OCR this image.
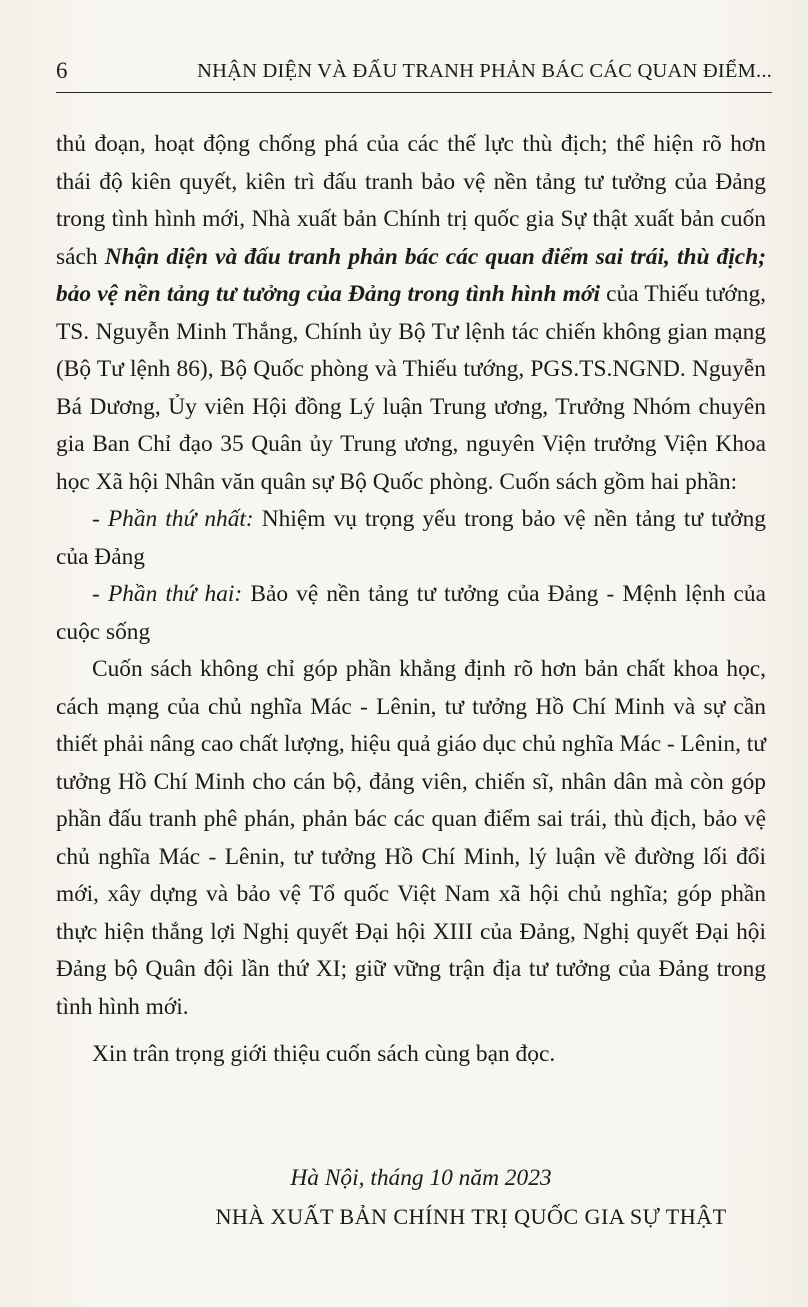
6	NHẬN DIỆN VÀ ĐẤU TRANH PHẢN BÁC CÁC QUAN ĐIỂM...

thủ đoạn, hoạt động chống phá của các thế lực thù địch; thể hiện rõ hơn thái độ kiên quyết, kiên trì đấu tranh bảo vệ nền tảng tư tưởng của Đảng trong tình hình mới, Nhà xuất bản Chính trị quốc gia Sự thật xuất bản cuốn sách Nhận diện và đấu tranh phản bác các quan điểm sai trái, thù địch; bảo vệ nền tảng tư tưởng của Đảng trong tình hình mới của Thiếu tướng, TS. Nguyễn Minh Thắng, Chính ủy Bộ Tư lệnh tác chiến không gian mạng (Bộ Tư lệnh 86), Bộ Quốc phòng và Thiếu tướng, PGS.TS.NGND. Nguyễn Bá Dương, Ủy viên Hội đồng Lý luận Trung ương, Trưởng Nhóm chuyên gia Ban Chỉ đạo 35 Quân ủy Trung ương, nguyên Viện trưởng Viện Khoa học Xã hội Nhân văn quân sự Bộ Quốc phòng. Cuốn sách gồm hai phần:

- Phần thứ nhất: Nhiệm vụ trọng yếu trong bảo vệ nền tảng tư tưởng của Đảng

- Phần thứ hai: Bảo vệ nền tảng tư tưởng của Đảng - Mệnh lệnh của cuộc sống

Cuốn sách không chỉ góp phần khẳng định rõ hơn bản chất khoa học, cách mạng của chủ nghĩa Mác - Lênin, tư tưởng Hồ Chí Minh và sự cần thiết phải nâng cao chất lượng, hiệu quả giáo dục chủ nghĩa Mác - Lênin, tư tưởng Hồ Chí Minh cho cán bộ, đảng viên, chiến sĩ, nhân dân mà còn góp phần đấu tranh phê phán, phản bác các quan điểm sai trái, thù địch, bảo vệ chủ nghĩa Mác - Lênin, tư tưởng Hồ Chí Minh, lý luận về đường lối đổi mới, xây dựng và bảo vệ Tổ quốc Việt Nam xã hội chủ nghĩa; góp phần thực hiện thắng lợi Nghị quyết Đại hội XIII của Đảng, Nghị quyết Đại hội Đảng bộ Quân đội lần thứ XI; giữ vững trận địa tư tưởng của Đảng trong tình hình mới.

Xin trân trọng giới thiệu cuốn sách cùng bạn đọc.

Hà Nội, tháng 10 năm 2023
NHÀ XUẤT BẢN CHÍNH TRỊ QUỐC GIA SỰ THẬT
